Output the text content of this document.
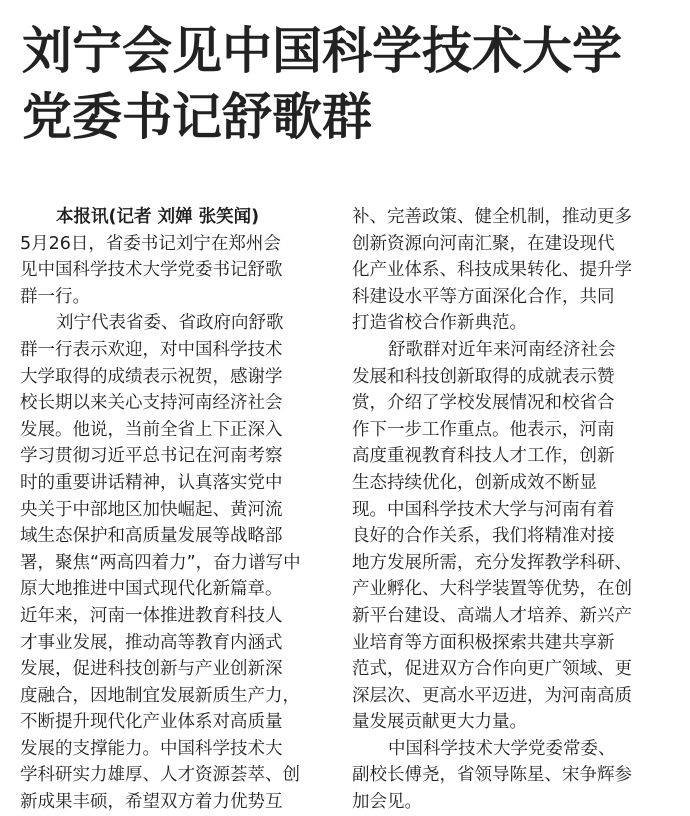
刘宁会见中国科学技术大学
党委书记舒歌群
本报讯(记者 刘婵 张笑闻)
5月26日，省委书记刘宁在郑州会
见中国科学技术大学党委书记舒歌
群一行。
刘宁代表省委、省政府向舒歌
群一行表示欢迎，对中国科学技术
大学取得的成绩表示祝贺，感谢学
校长期以来关心支持河南经济社会
发展。他说，当前全省上下正深入
学习贯彻习近平总书记在河南考察
时的重要讲话精神，认真落实党中
央关于中部地区加快崛起、黄河流
域生态保护和高质量发展等战略部
署，聚焦“两高四着力”，奋力谱写中
原大地推进中国式现代化新篇章。
近年来，河南一体推进教育科技人
才事业发展，推动高等教育内涵式
发展，促进科技创新与产业创新深
度融合，因地制宜发展新质生产力，
不断提升现代化产业体系对高质量
发展的支撑能力。中国科学技术大
学科研实力雄厚、人才资源荟萃、创
新成果丰硕，希望双方着力优势互
补、完善政策、健全机制，推动更多
创新资源向河南汇聚，在建设现代
化产业体系、科技成果转化、提升学
科建设水平等方面深化合作，共同
打造省校合作新典范。
舒歌群对近年来河南经济社会
发展和科技创新取得的成就表示赞
赏，介绍了学校发展情况和校省合
作下一步工作重点。他表示，河南
高度重视教育科技人才工作，创新
生态持续优化，创新成效不断显
现。中国科学技术大学与河南有着
良好的合作关系，我们将精准对接
地方发展所需，充分发挥教学科研、
产业孵化、大科学装置等优势，在创
新平台建设、高端人才培养、新兴产
业培育等方面积极探索共建共享新
范式，促进双方合作向更广领域、更
深层次、更高水平迈进，为河南高质
量发展贡献更大力量。
中国科学技术大学党委常委、
副校长傅尧，省领导陈星、宋争辉参
加会见。
